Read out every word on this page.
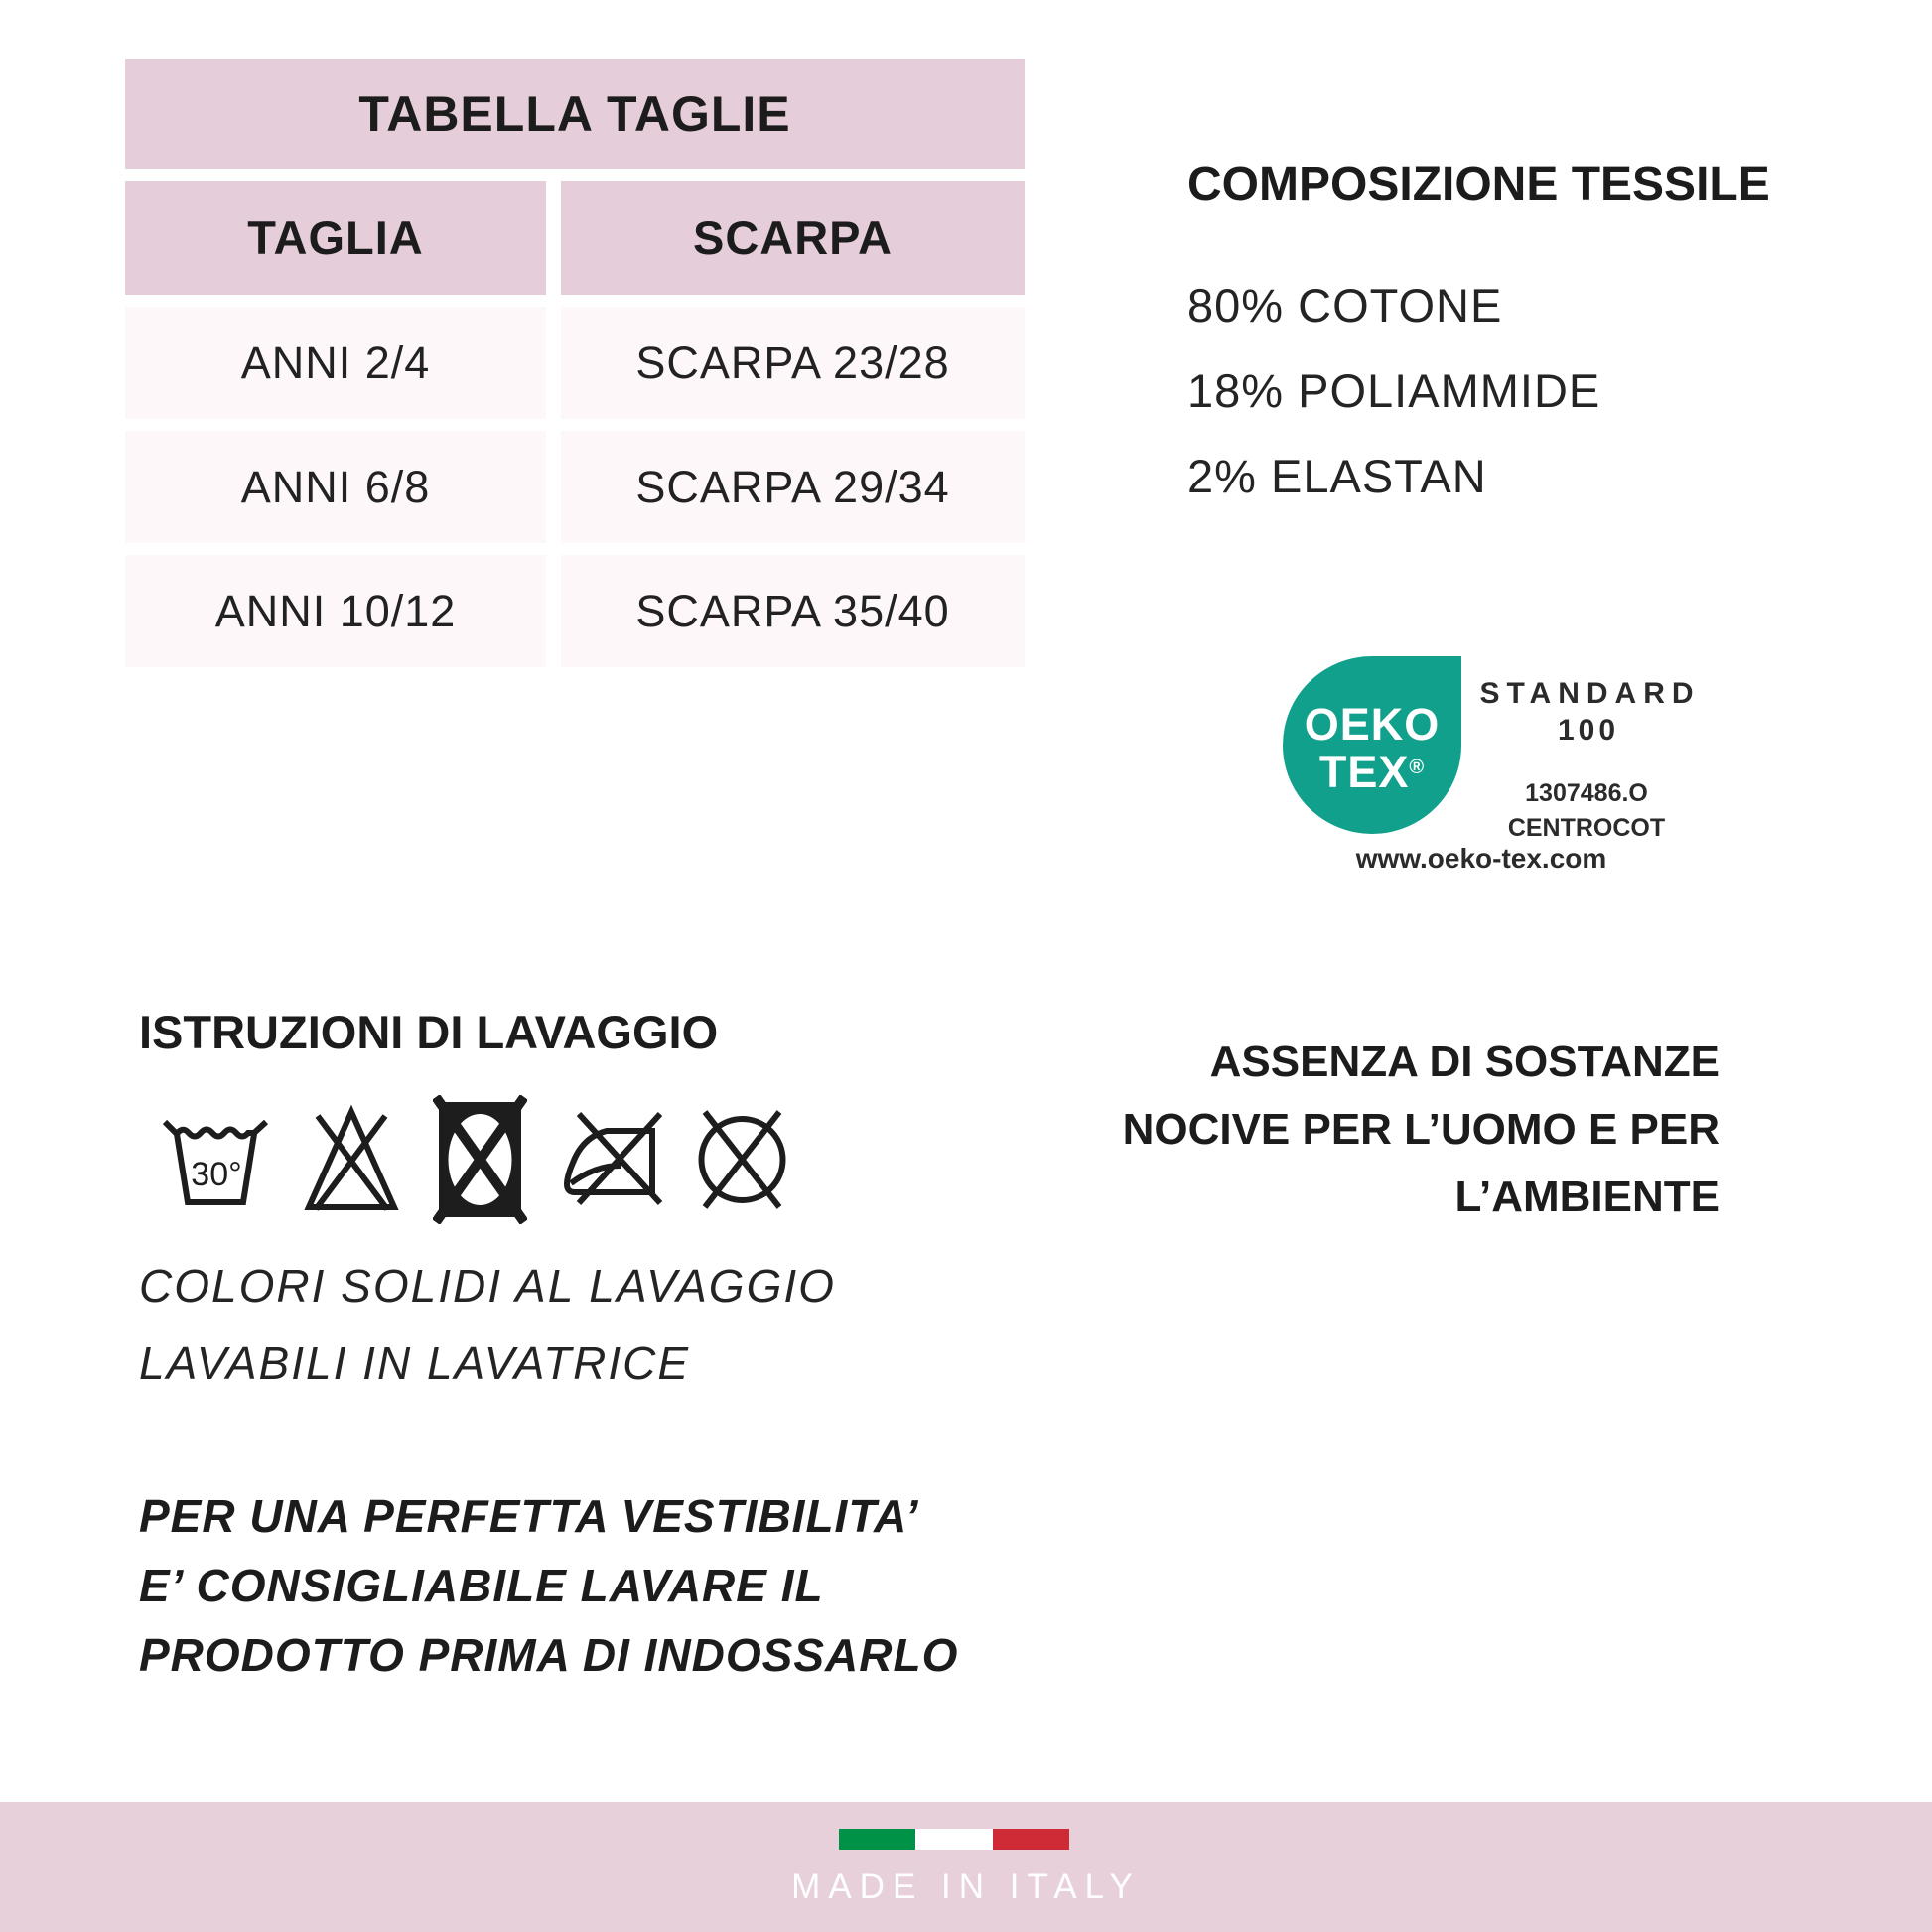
TABELLA TAGLIE
TAGLIA	SCARPA
ANNI 2/4	SCARPA 23/28
ANNI 6/8	SCARPA 29/34
ANNI 10/12	SCARPA 35/40
COMPOSIZIONE TESSILE
80% COTONE
18% POLIAMMIDE
2% ELASTAN
OEKO
TEX®
STANDARD
100
1307486.O
CENTROCOT
www.oeko-tex.com
ISTRUZIONI DI LAVAGGIO
30°
COLORI SOLIDI AL LAVAGGIO
LAVABILI IN LAVATRICE
PER UNA PERFETTA VESTIBILITA’
E’ CONSIGLIABILE LAVARE IL
PRODOTTO PRIMA DI INDOSSARLO
ASSENZA DI SOSTANZE
NOCIVE PER L’UOMO E PER
L’AMBIENTE
MADE IN ITALY
